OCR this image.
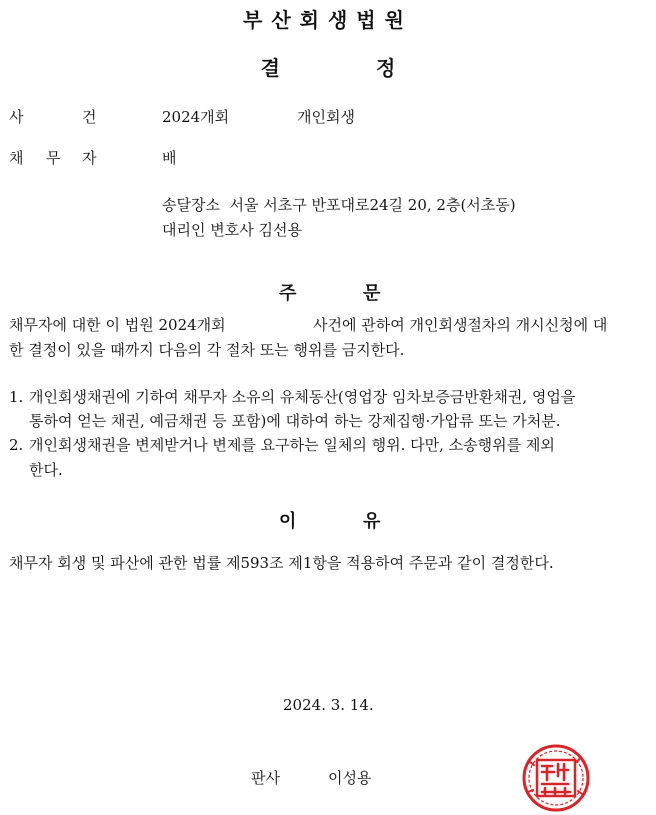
부산회생법원
결	정
사	건	2024개회	개인회생
채 무 자	배
송달장소  서울 서초구 반포대로24길 20, 2층(서초동)
대리인 변호사 김선용
주	문
채무자에 대한 이 법원 2024개회	사건에 관하여 개인회생절차의 개시신청에 대
한 결정이 있을 때까지 다음의 각 절차 또는 행위를 금지한다.
1. 개인회생채권에 기하여 채무자 소유의 유체동산(영업장 임차보증금반환채권, 영업을
통하여 얻는 채권, 예금채권 등 포함)에 대하여 하는 강제집행·가압류 또는 가처분.
2. 개인회생채권을 변제받거나 변제를 요구하는 일체의 행위. 다만, 소송행위를 제외
한다.
이	유
채무자 회생 및 파산에 관한 법률 제593조 제1항을 적용하여 주문과 같이 결정한다.
2024. 3. 14.
판사	이성용
